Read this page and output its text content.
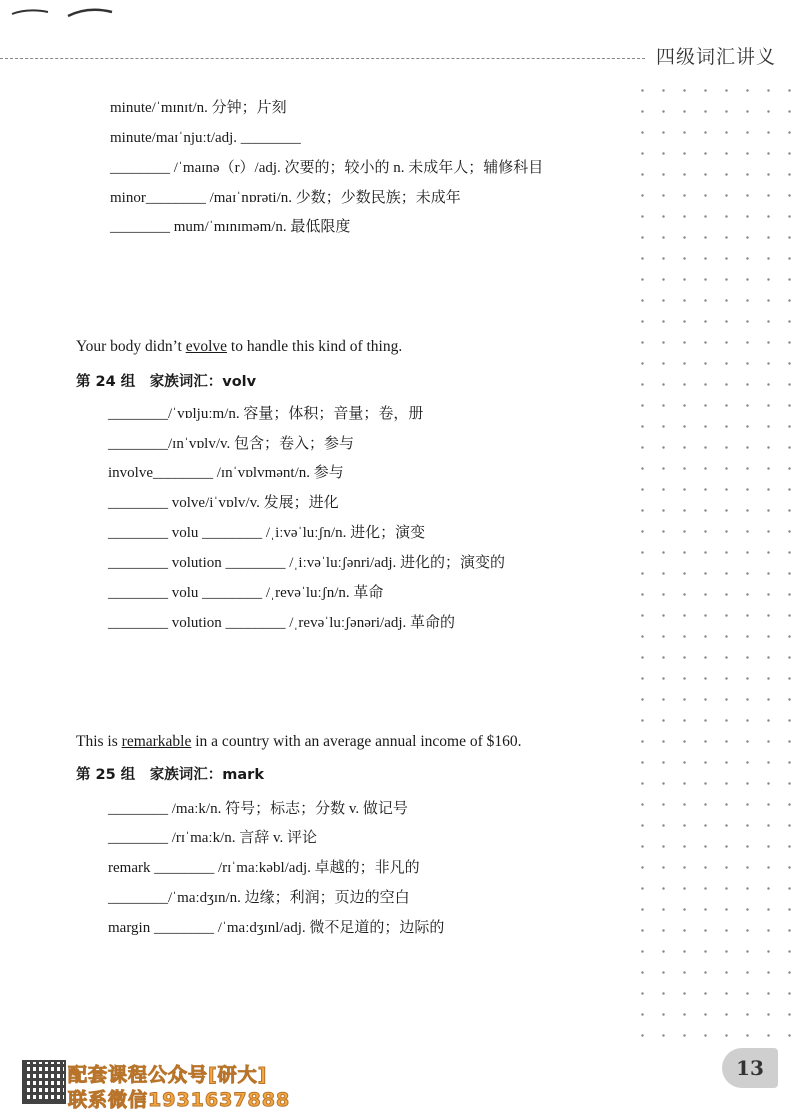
四级词汇讲义
minute/ˈmɪnɪt/n. 分钟；片刻
minute/maɪˈnjuːt/adj. ________
________ /ˈmaɪnə（r）/adj. 次要的；较小的 n. 未成年人；辅修科目
minor________ /maɪˈnɒrəti/n. 少数；少数民族；未成年
________ mum/ˈmɪnɪməm/n. 最低限度
Your body didn’t evolve to handle this kind of thing.
第 24 组　家族词汇：volv
________/ˈvɒljuːm/n. 容量；体积；音量；卷，册
________/ɪnˈvɒlv/v. 包含；卷入；参与
involve________ /ɪnˈvɒlvmənt/n. 参与
________ volve/iˈvɒlv/v. 发展；进化
________ volu ________ /ˌiːvəˈluːʃn/n. 进化；演变
________ volution ________ /ˌiːvəˈluːʃənri/adj. 进化的；演变的
________ volu ________ /ˌrevəˈluːʃn/n. 革命
________ volution ________ /ˌrevəˈluːʃənəri/adj. 革命的
This is remarkable in a country with an average annual income of $160.
第 25 组　家族词汇：mark
________ /maːk/n. 符号；标志；分数 v. 做记号
________ /rɪˈmaːk/n. 言辞 v. 评论
remark ________ /rɪˈmaːkəbl/adj. 卓越的；非凡的
________/ˈmaːdʒɪn/n. 边缘；利润；页边的空白
margin ________ /ˈmaːdʒɪnl/adj. 微不足道的；边际的
配套课程公众号[研大]
联系微信1931637888
13
